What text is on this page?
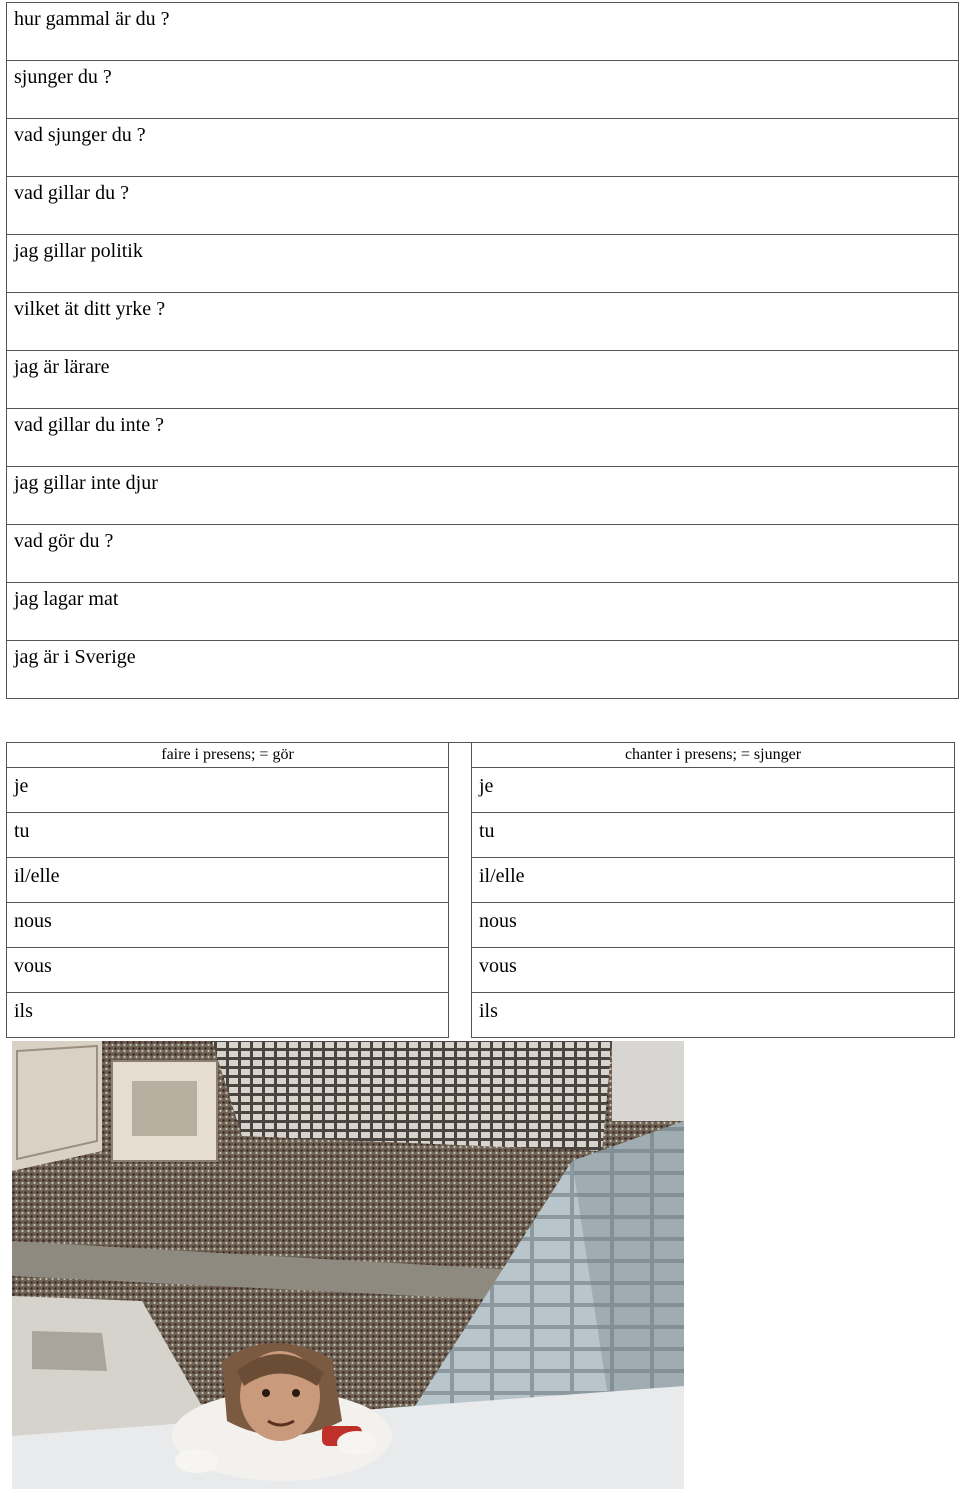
hur gammal är du ?
sjunger du ?
vad sjunger du ?
vad gillar du ?
jag gillar politik
vilket ät ditt yrke ?
jag är lärare
vad gillar du inte ?
jag gillar inte djur
vad gör du ?
jag lagar mat
jag är i Sverige
faire i presens; = gör
je
tu
il/elle
nous
vous
ils
chanter i presens; = sjunger
je
tu
il/elle
nous
vous
ils
